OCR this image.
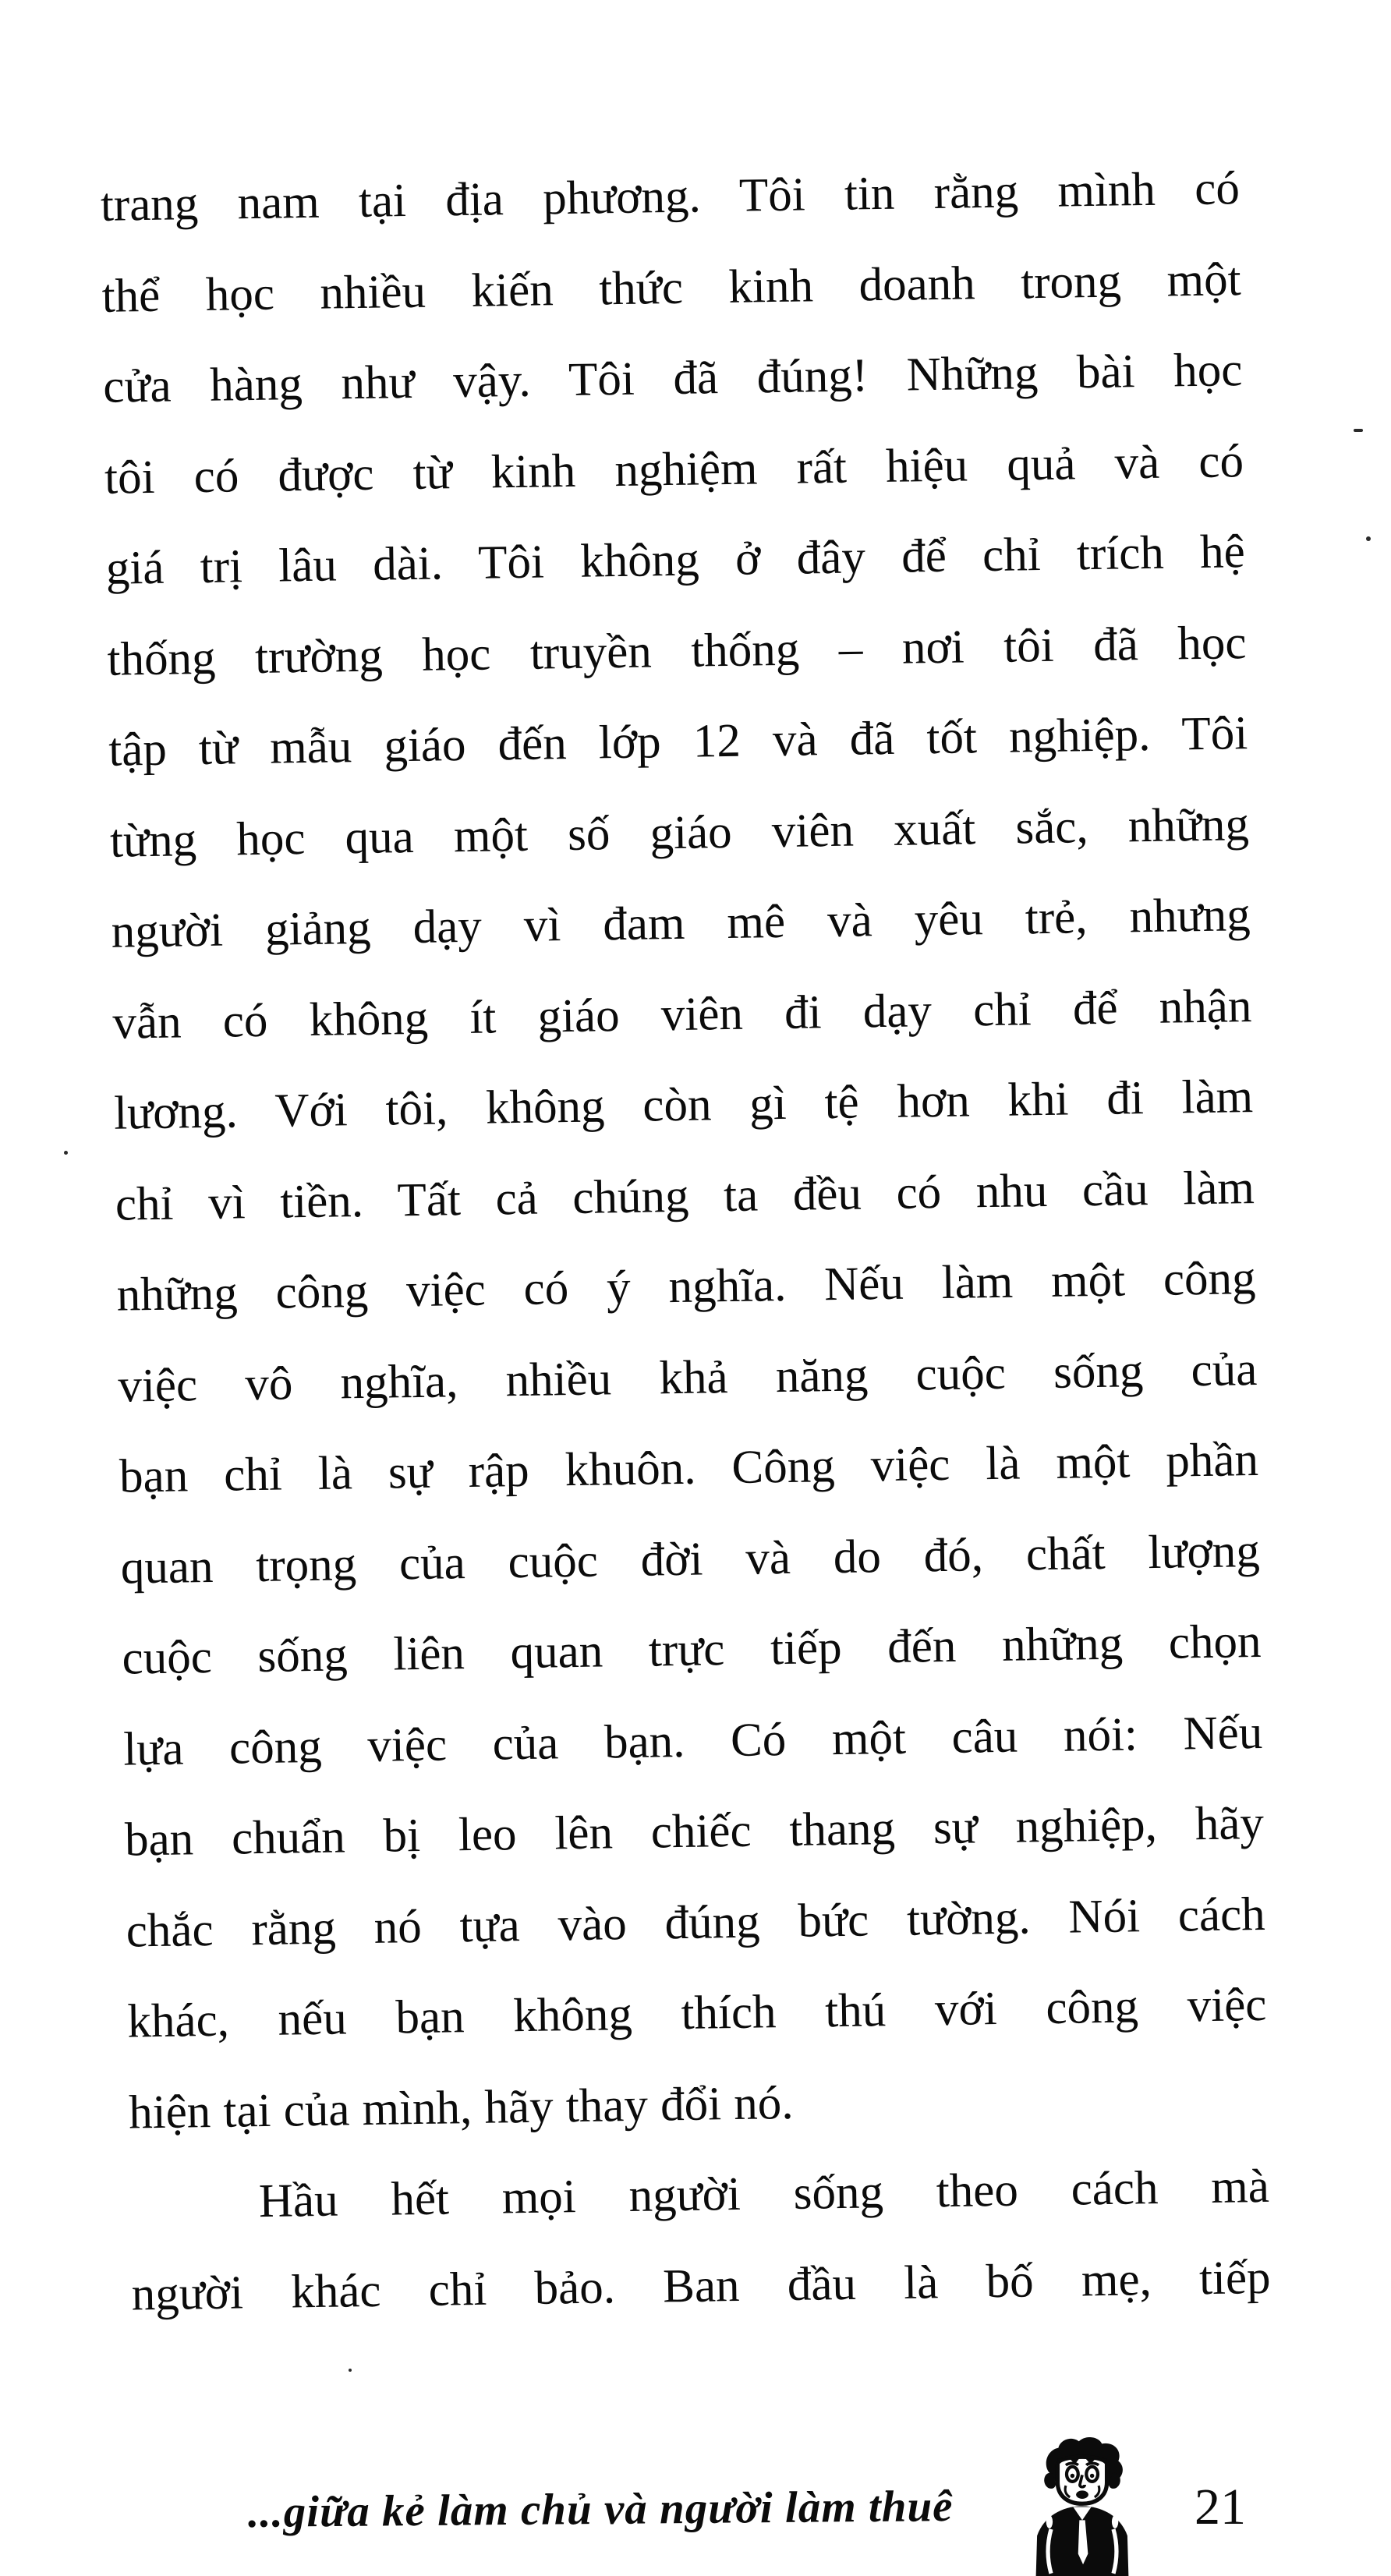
trang nam tại địa phương. Tôi tin rằng mình có
thể học nhiều kiến thức kinh doanh trong một
cửa hàng như vậy. Tôi đã đúng! Những bài học
tôi có được từ kinh nghiệm rất hiệu quả và có
giá trị lâu dài. Tôi không ở đây để chỉ trích hệ
thống trường học truyền thống – nơi tôi đã học
tập từ mẫu giáo đến lớp 12 và đã tốt nghiệp. Tôi
từng học qua một số giáo viên xuất sắc, những
người giảng dạy vì đam mê và yêu trẻ, nhưng
vẫn có không ít giáo viên đi dạy chỉ để nhận
lương. Với tôi, không còn gì tệ hơn khi đi làm
chỉ vì tiền. Tất cả chúng ta đều có nhu cầu làm
những công việc có ý nghĩa. Nếu làm một công
việc vô nghĩa, nhiều khả năng cuộc sống của
bạn chỉ là sự rập khuôn. Công việc là một phần
quan trọng của cuộc đời và do đó, chất lượng
cuộc sống liên quan trực tiếp đến những chọn
lựa công việc của bạn. Có một câu nói: Nếu
bạn chuẩn bị leo lên chiếc thang sự nghiệp, hãy
chắc rằng nó tựa vào đúng bức tường. Nói cách
khác, nếu bạn không thích thú với công việc
hiện tại của mình, hãy thay đổi nó.
Hầu hết mọi người sống theo cách mà
người khác chỉ bảo. Ban đầu là bố mẹ, tiếp
...giữa kẻ làm chủ và người làm thuê	21
